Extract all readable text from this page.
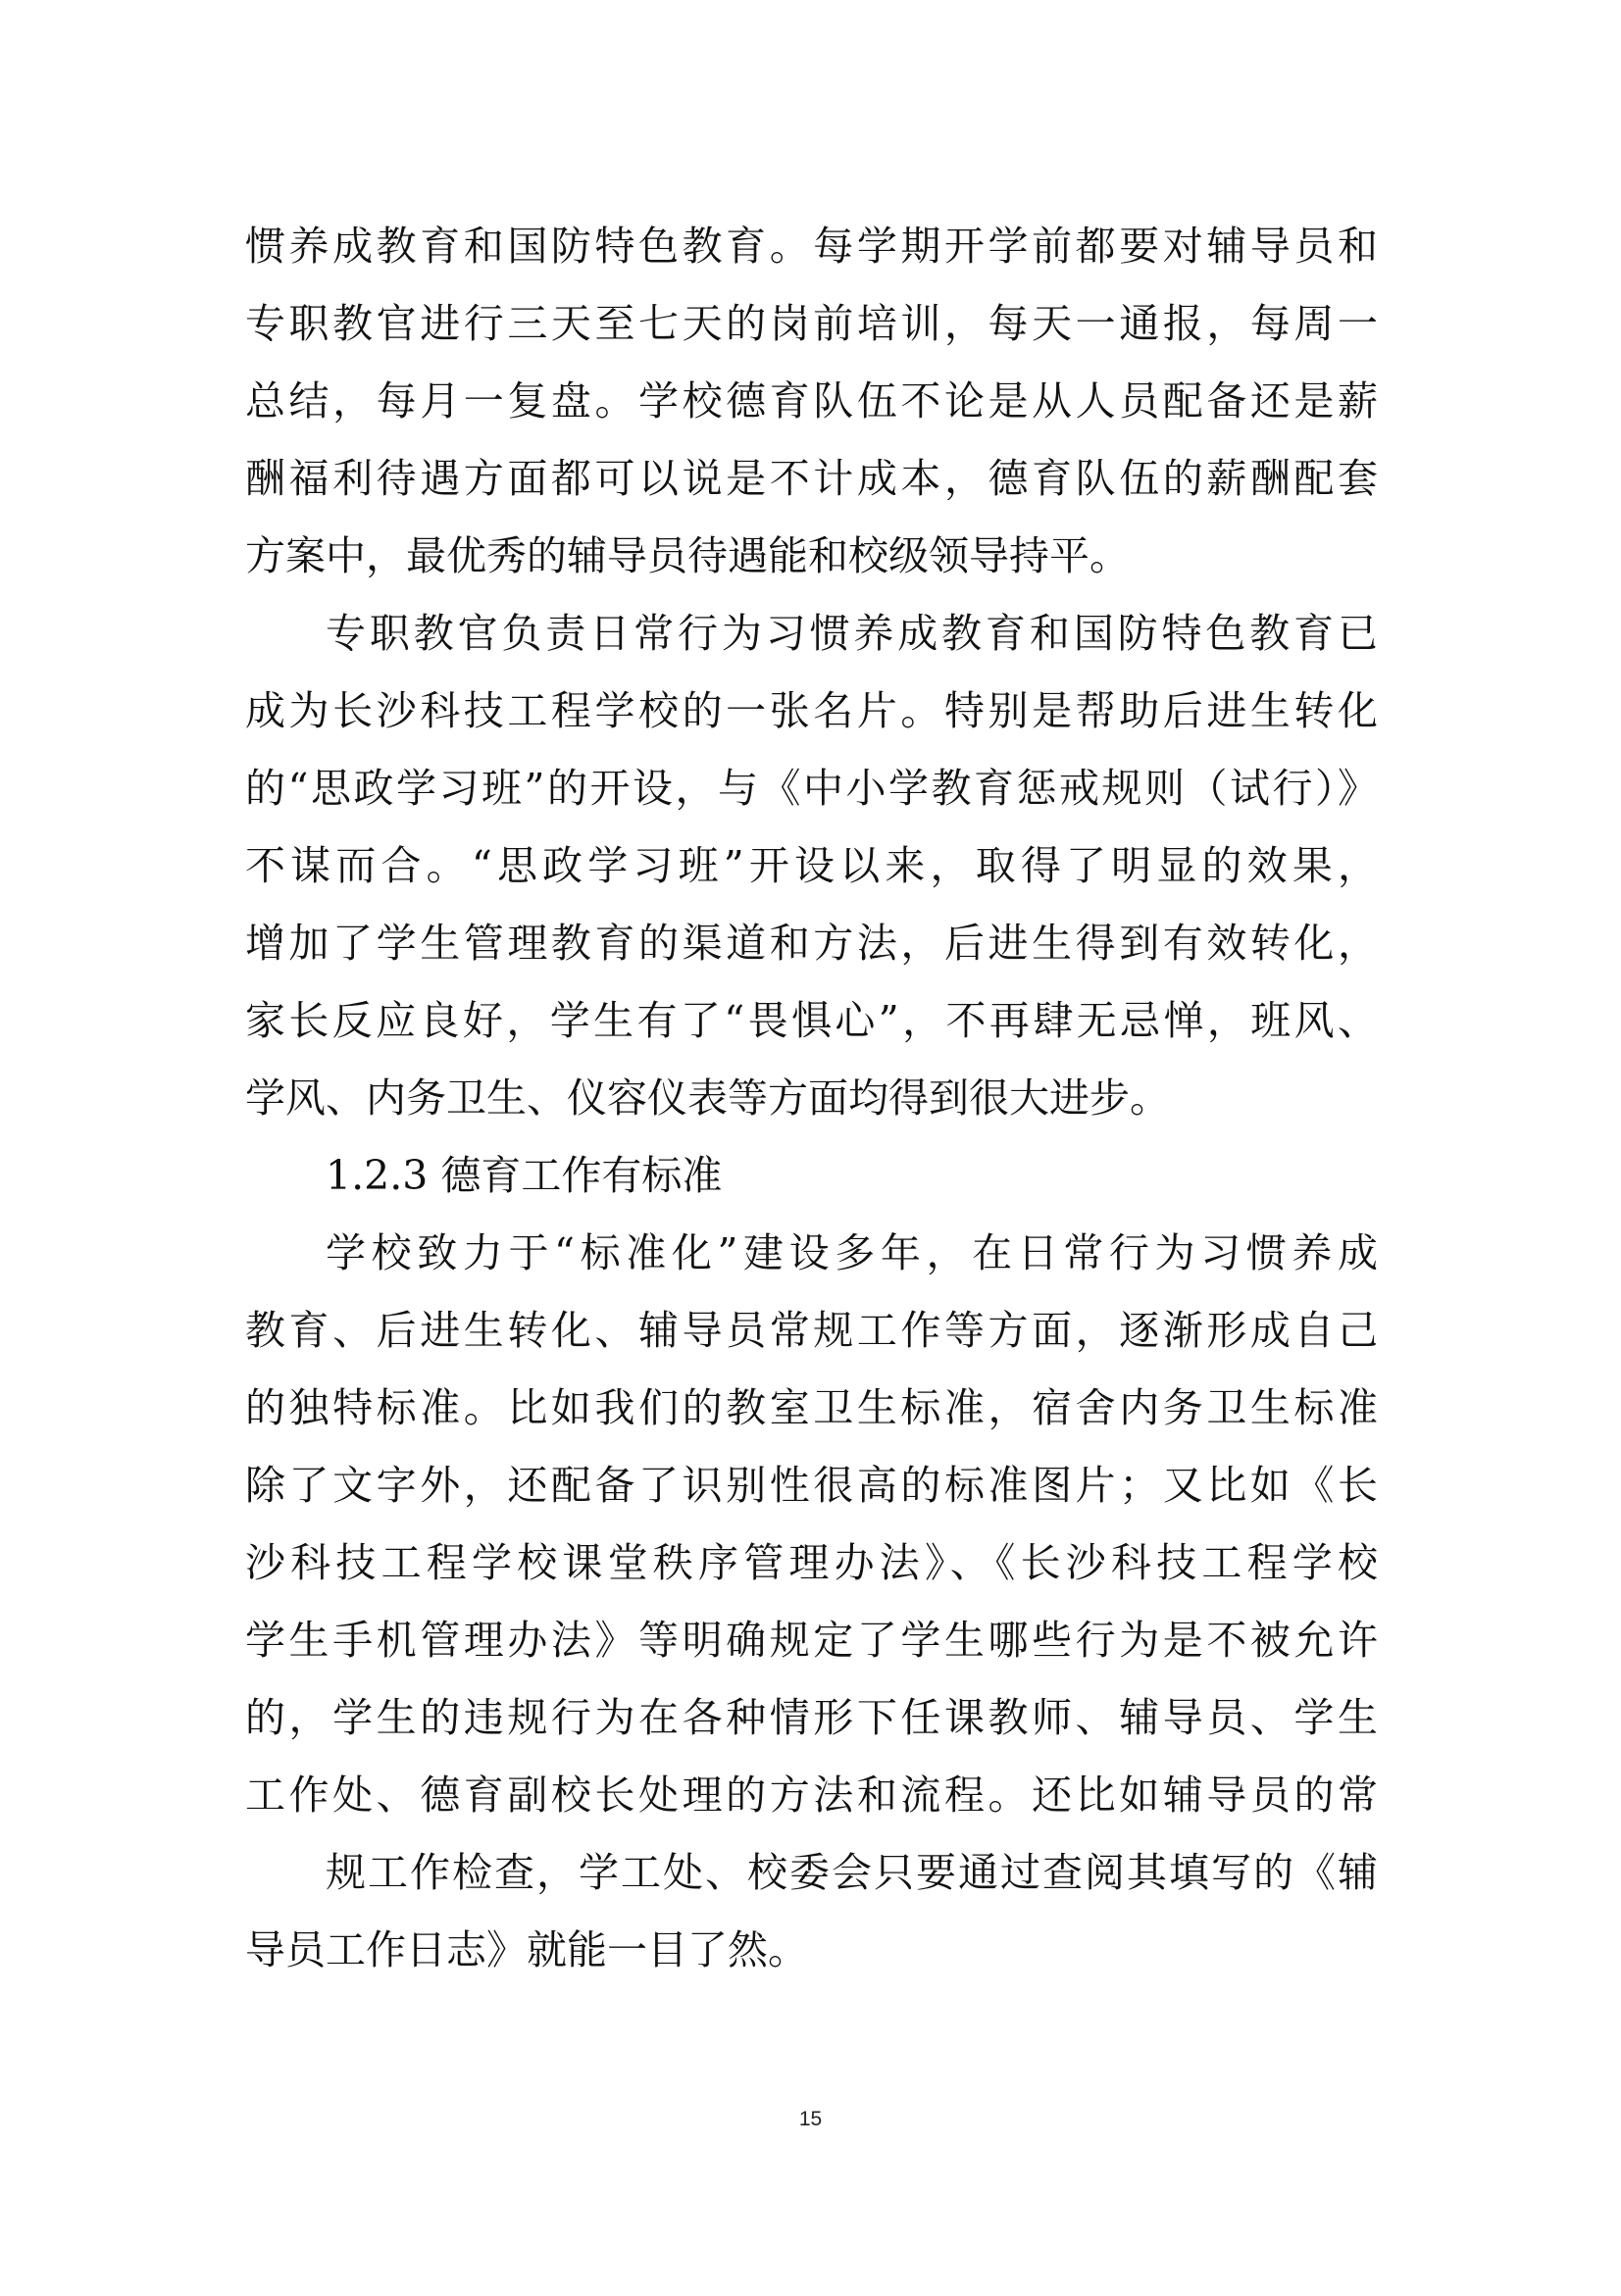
惯养成教育和国防特色教育。每学期开学前都要对辅导员和
专职教官进行三天至七天的岗前培训，每天一通报，每周一
总结，每月一复盘。学校德育队伍不论是从人员配备还是薪
酬福利待遇方面都可以说是不计成本，德育队伍的薪酬配套
方案中，最优秀的辅导员待遇能和校级领导持平。
专职教官负责日常行为习惯养成教育和国防特色教育已
成为长沙科技工程学校的一张名片。特别是帮助后进生转化
的“思政学习班”的开设，与《中小学教育惩戒规则（试行）》
不谋而合。“思政学习班”开设以来，取得了明显的效果，
增加了学生管理教育的渠道和方法，后进生得到有效转化，
家长反应良好，学生有了“畏惧心”，不再肆无忌惮，班风、
学风、内务卫生、仪容仪表等方面均得到很大进步。
1.2.3 德育工作有标准
学校致力于“标准化”建设多年，在日常行为习惯养成
教育、后进生转化、辅导员常规工作等方面，逐渐形成自己
的独特标准。比如我们的教室卫生标准，宿舍内务卫生标准
除了文字外，还配备了识别性很高的标准图片；又比如《长
沙科技工程学校课堂秩序管理办法》、《长沙科技工程学校
学生手机管理办法》等明确规定了学生哪些行为是不被允许
的，学生的违规行为在各种情形下任课教师、辅导员、学生
工作处、德育副校长处理的方法和流程。还比如辅导员的常
规工作检查，学工处、校委会只要通过查阅其填写的《辅
导员工作日志》就能一目了然。
15
